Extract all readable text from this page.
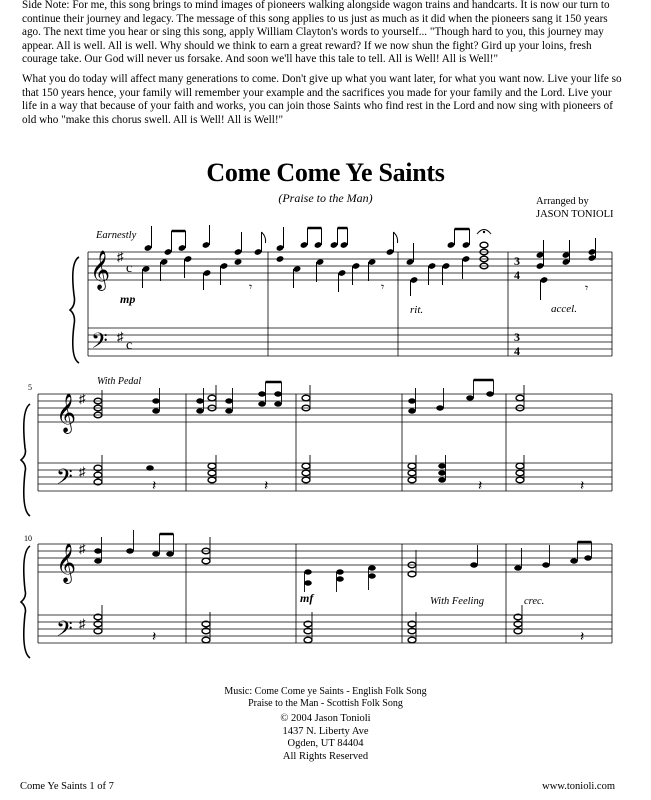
Side Note: For me, this song brings to mind images of pioneers walking alongside wagon trains and handcarts. It is now our turn to continue their journey and legacy. The message of this song applies to us just as much as it did when the pioneers sang it 150 years ago. The next time you hear or sing this song, apply William Clayton's words to yourself... "Though hard to you, this journey may appear. All is well. All is well. Why should we think to earn a great reward? If we now shun the fight? Gird up your loins, fresh courage take. Our God will never us forsake. And soon we'll have this tale to tell. All is Well! All is Well!"

What you do today will affect many generations to come. Don't give up what you want later, for what you want now. Live your life so that 150 years hence, your family will remember your example and the sacrifices you made for your family and the Lord. Live your life in a way that because of your faith and works, you can join those Saints who find rest in the Lord and now sing with pioneers of old who "make this chorus swell. All is Well! All is Well!"

Come Come Ye Saints
(Praise to the Man)	Arranged by
JASON TONIOLI
𝄞
𝄢
♯
♯
c
c
3
4
3
4
Earnestly
mp
With Pedal
rit.	accel.
𝄾	𝄾	𝄾
5
𝄞
𝄢
♯
♯
𝄽	𝄽	𝄽	𝄽
10
𝄞
𝄢
♯
♯
mf	With Feeling	crec.
𝄽	𝄽
Music: Come Come ye Saints - English Folk Song
Praise to the Man - Scottish Folk Song
© 2004 Jason Tonioli
1437 N. Liberty Ave
Ogden, UT 84404
All Rights Reserved
Come Ye Saints 1 of 7	www.tonioli.com
